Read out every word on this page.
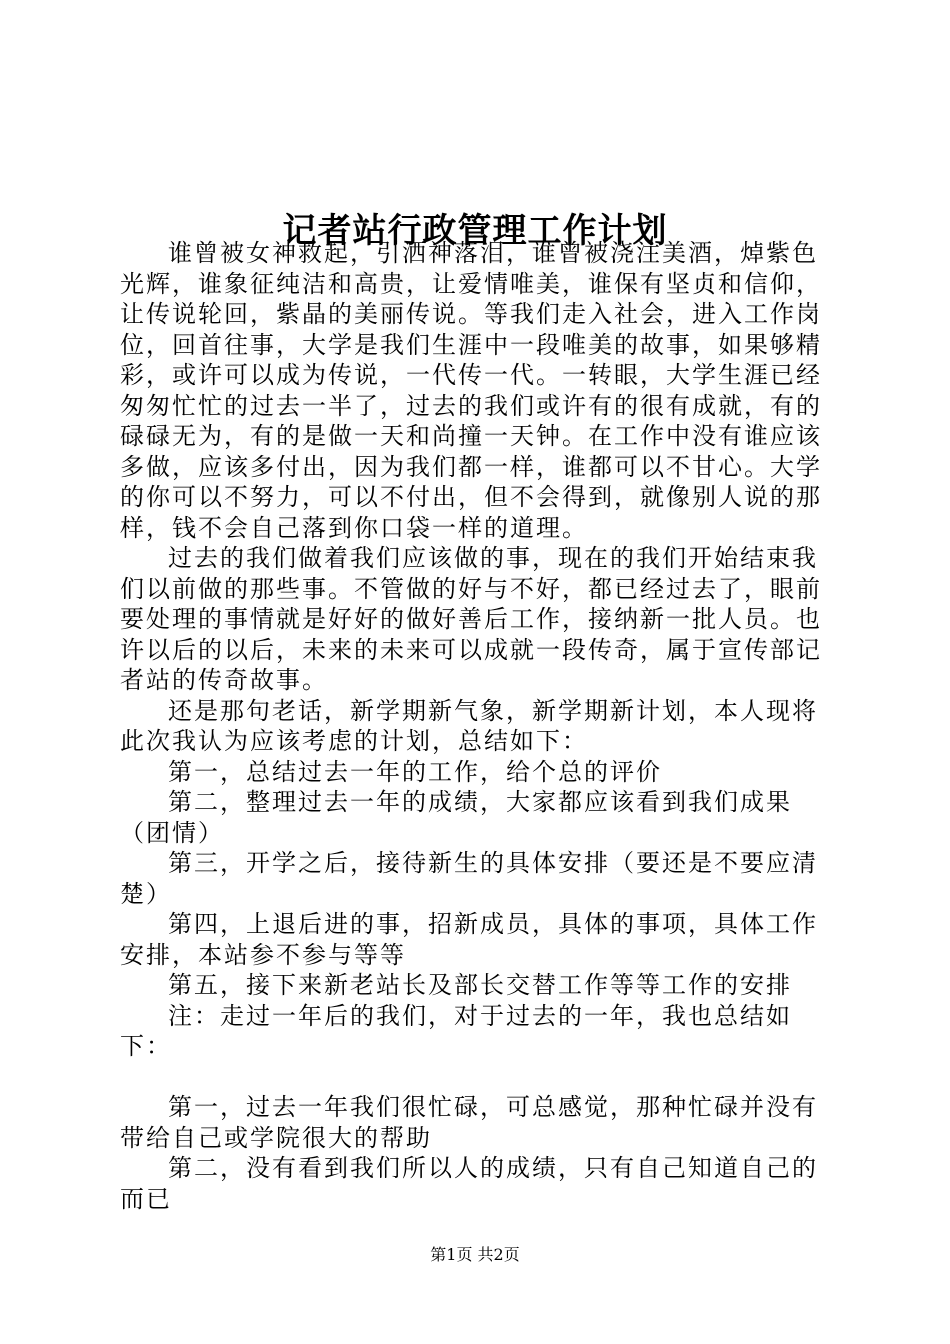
记者站行政管理工作计划

谁曾被女神救起，引洒神落泪，谁曾被浇注美酒，焯紫色光辉，谁象征纯洁和高贵，让爱情唯美，谁保有坚贞和信仰，让传说轮回，紫晶的美丽传说。等我们走入社会，进入工作岗位，回首往事，大学是我们生涯中一段唯美的故事，如果够精彩，或许可以成为传说，一代传一代。一转眼，大学生涯已经匆匆忙忙的过去一半了，过去的我们或许有的很有成就，有的碌碌无为，有的是做一天和尚撞一天钟。在工作中没有谁应该多做，应该多付出，因为我们都一样，谁都可以不甘心。大学的你可以不努力，可以不付出，但不会得到，就像别人说的那样，钱不会自己落到你口袋一样的道理。

过去的我们做着我们应该做的事，现在的我们开始结束我们以前做的那些事。不管做的好与不好，都已经过去了，眼前要处理的事情就是好好的做好善后工作，接纳新一批人员。也许以后的以后，未来的未来可以成就一段传奇，属于宣传部记者站的传奇故事。

还是那句老话，新学期新气象，新学期新计划，本人现将此次我认为应该考虑的计划，总结如下：

第一，总结过去一年的工作，给个总的评价

第二，整理过去一年的成绩，大家都应该看到我们成果（团情）

第三，开学之后，接待新生的具体安排（要还是不要应清楚）

第四，上退后进的事，招新成员，具体的事项，具体工作安排，本站参不参与等等

第五，接下来新老站长及部长交替工作等等工作的安排

注：走过一年后的我们，对于过去的一年，我也总结如下：

第一，过去一年我们很忙碌，可总感觉，那种忙碌并没有带给自己或学院很大的帮助

第二，没有看到我们所以人的成绩，只有自己知道自己的而已

第1页 共2页
